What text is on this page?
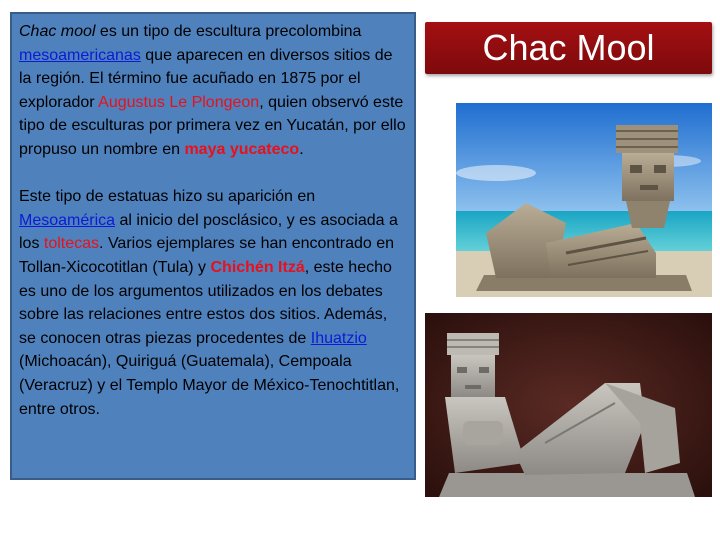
Chac mool es un tipo de escultura precolombina mesoamericanas que aparecen en diversos sitios de la región. El término fue acuñado en 1875 por el explorador Augustus Le Plongeon, quien observó este tipo de esculturas por primera vez en Yucatán, por ello propuso un nombre en maya yucateco.

Este tipo de estatuas hizo su aparición en Mesoamérica al inicio del posclásico, y es asociada a los toltecas. Varios ejemplares se han encontrado en Tollan-Xicocotitlan (Tula) y Chichén Itzá, este hecho es uno de los argumentos utilizados en los debates sobre las relaciones entre estos dos sitios. Además, se conocen otras piezas procedentes de Ihuatzio (Michoacán), Quiriguá (Guatemala), Cempoala (Veracruz) y el Templo Mayor de México-Tenochtitlan, entre otros.

Chac Mool
